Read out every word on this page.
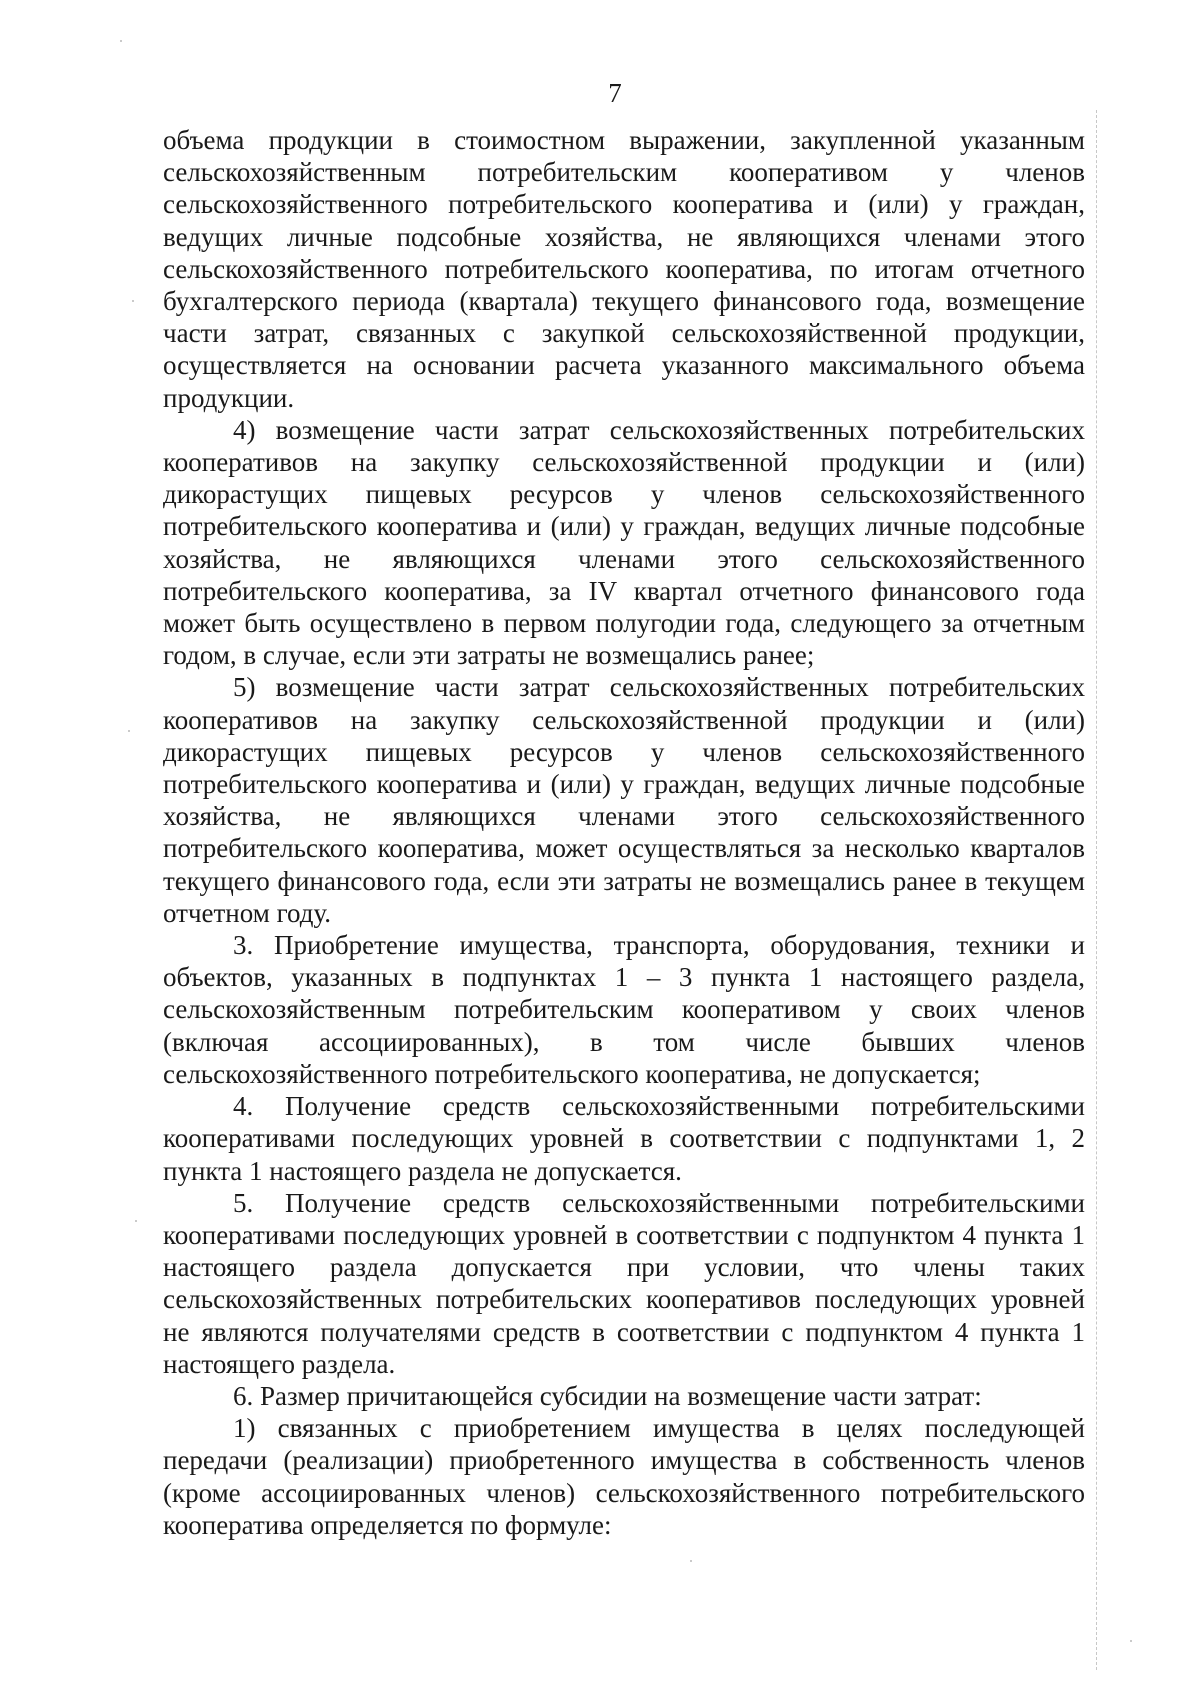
7

объема продукции в стоимостном выражении, закупленной указанным сельскохозяйственным потребительским кооперативом у членов сельскохозяйственного потребительского кооператива и (или) у граждан, ведущих личные подсобные хозяйства, не являющихся членами этого сельскохозяйственного потребительского кооператива, по итогам отчетного бухгалтерского периода (квартала) текущего финансового года, возмещение части затрат, связанных с закупкой сельскохозяйственной продукции, осуществляется на основании расчета указанного максимального объема продукции.

4) возмещение части затрат сельскохозяйственных потребительских кооперативов на закупку сельскохозяйственной продукции и (или) дикорастущих пищевых ресурсов у членов сельскохозяйственного потребительского кооператива и (или) у граждан, ведущих личные подсобные хозяйства, не являющихся членами этого сельскохозяйственного потребительского кооператива, за IV квартал отчетного финансового года может быть осуществлено в первом полугодии года, следующего за отчетным годом, в случае, если эти затраты не возмещались ранее;

5) возмещение части затрат сельскохозяйственных потребительских кооперативов на закупку сельскохозяйственной продукции и (или) дикорастущих пищевых ресурсов у членов сельскохозяйственного потребительского кооператива и (или) у граждан, ведущих личные подсобные хозяйства, не являющихся членами этого сельскохозяйственного потребительского кооператива, может осуществляться за несколько кварталов текущего финансового года, если эти затраты не возмещались ранее в текущем отчетном году.

3. Приобретение имущества, транспорта, оборудования, техники и объектов, указанных в подпунктах 1 – 3 пункта 1 настоящего раздела, сельскохозяйственным потребительским кооперативом у своих членов (включая ассоциированных), в том числе бывших членов сельскохозяйственного потребительского кооператива, не допускается;

4. Получение средств сельскохозяйственными потребительскими кооперативами последующих уровней в соответствии с подпунктами 1, 2 пункта 1 настоящего раздела не допускается.

5. Получение средств сельскохозяйственными потребительскими кооперативами последующих уровней в соответствии с подпунктом 4 пункта 1 настоящего раздела допускается при условии, что члены таких сельскохозяйственных потребительских кооперативов последующих уровней не являются получателями средств в соответствии с подпунктом 4 пункта 1 настоящего раздела.

6. Размер причитающейся субсидии на возмещение части затрат:

1) связанных с приобретением имущества в целях последующей передачи (реализации) приобретенного имущества в собственность членов (кроме ассоциированных членов) сельскохозяйственного потребительского кооператива определяется по формуле:
